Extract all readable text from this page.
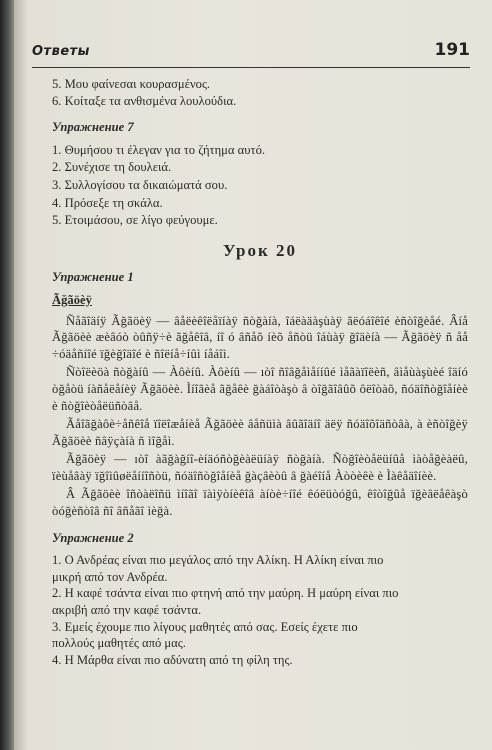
Ответы	191
5. Μου φαίνεσαι κουρασμένος.
6. Κοίταξε τα ανθισμένα λουλούδια.
Упражнение 7
1. Θυμήσου τι έλεγαν για το ζήτημα αυτό.
2. Συνέχισε τη δουλειά.
3. Συλλογίσου τα δικαιώματά σου.
4. Πρόσεξε τη σκάλα.
5. Ετοιμάσου, σε λίγο φεύγουμε.
Урок 20
Упражнение 1
Ãğãöèÿ
Ñåãîäíÿ Ãğãöèÿ — âåëèêîëåïíàÿ ñòğàíà, îáëàäàşùàÿ ãëóáîêîé èñòîğèåé. Âíå Ãğãöèè æèâóò òûñÿ÷è ãğåêîâ, íî ó âñåõ íèõ åñòü îáùàÿ ğîäèíà — Ãğãöèÿ ñ åå ÷óäåñíîé ïğèğîäîé è ñîëíå÷íûì íåáîì.
Ñòîëèöà ñòğàíû — Àôèíû. Àôèíû — ıòî ñîâğåìåííûé ìåãàïîëèñ, âìåùàşùèé îäíó òğåòü íàñåëåíèÿ Ãğãöèè. Ìíîãèå ãğåêè ğàáîòàşò â òîğãîâûõ ôëîòàõ, ñóäîñòğîåíèè è ñòğîèòåëüñòâå.
Ãåîãğàôè÷åñêîå ïîëîæåíèå Ãğãöèè âåñüìà âûãîäíî äëÿ ñóäîõîäñòâà, à èñòîğèÿ Ãğãöèè ñâÿçàíà ñ ìîğåì.
Ãğãöèÿ — ıòî àãğàğíî-èíäóñòğèàëüíàÿ ñòğàíà. Ñòğîèòåëüíûå ìàòåğèàëû, ïèùåâàÿ ïğîìûøëåííîñòü, ñóäîñòğîåíèå ğàçâèòû â ğàéîíå Àòòèêè è Ìàêåäîíèè.
Â Ãğãöèè îñòàëîñü ìíîãî ïàìÿòíèêîâ àíòè÷íîé êóëüòóğû, êîòîğûå ïğèâëåêàşò òóğèñòîâ ñî âñåãî ìèğà.
Упражнение 2
1. Ο Ανδρέας είναι πιο μεγάλος από την Αλίκη. Η Αλίκη είναι πιο
μικρή από τον Ανδρέα.
2. Η καφέ τσάντα είναι πιο φτηνή από την μαύρη. Η μαύρη είναι πιο
ακριβή από την καφέ τσάντα.
3. Εμείς έχουμε πιο λίγους μαθητές από σας. Εσείς έχετε πιο
πολλούς μαθητές από μας.
4. Η Μάρθα είναι πιο αδύνατη από τη φίλη της.
